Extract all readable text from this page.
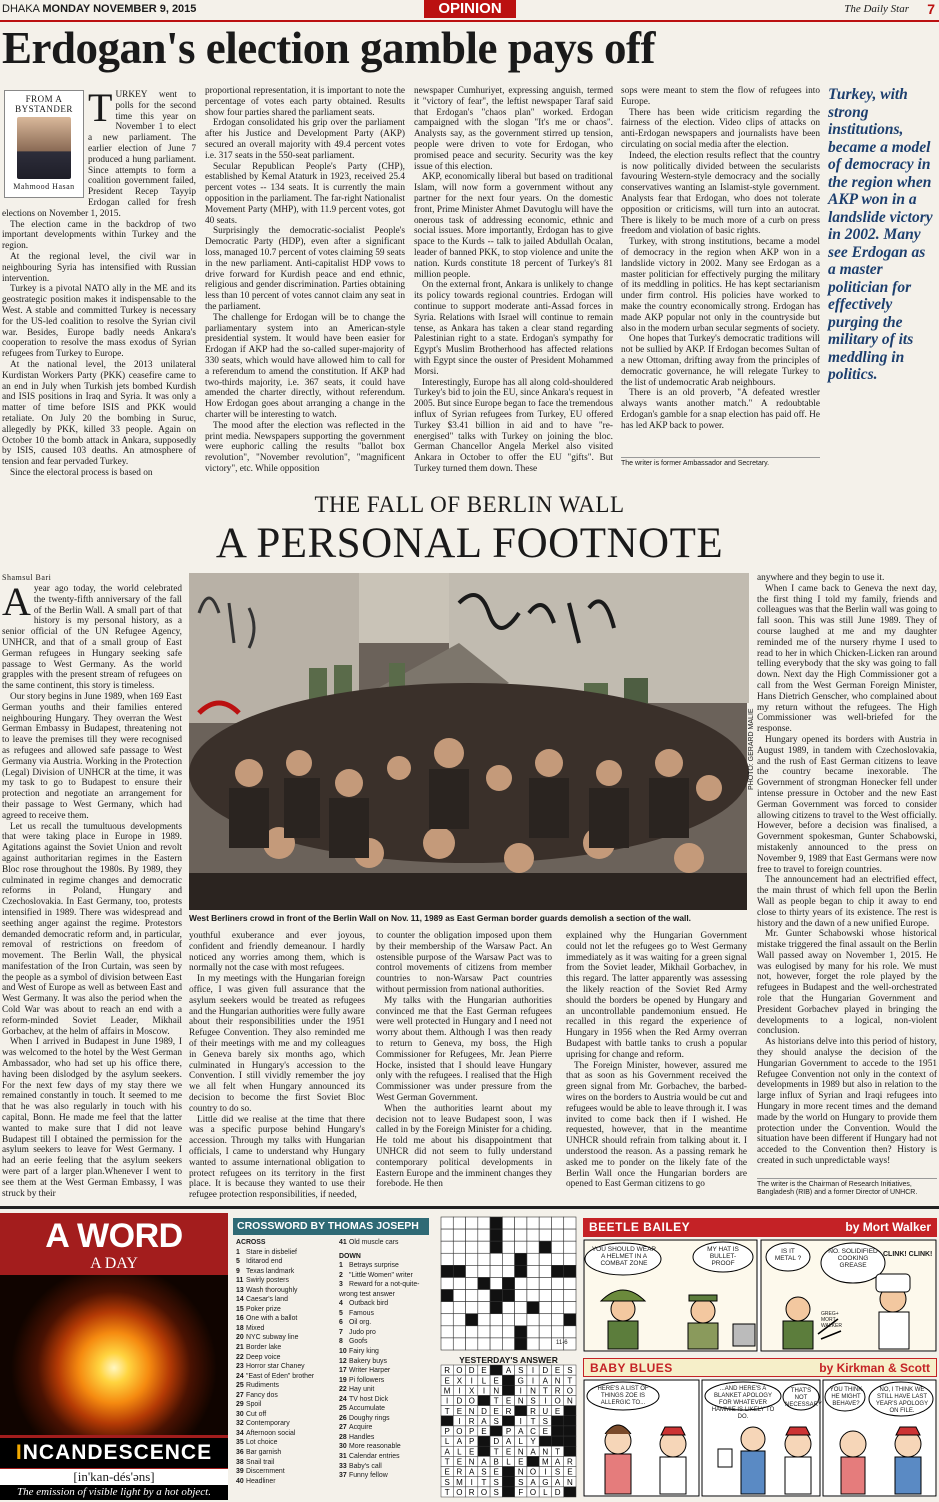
DHAKA MONDAY NOVEMBER 9, 2015	OPINION	The Daily Star 7
Erdogan's election gamble pays off
FROM A BYSTANDER
Mahmood Hasan

TURKEY went to polls for the second time this year on November 1 to elect a new parliament. The earlier election of June 7 produced a hung parliament. Since attempts to form a coalition government failed, President Recep Tayyip Erdogan called for fresh elections on November 1, 2015.

The election came in the backdrop of two important developments within Turkey and the region.

At the regional level, the civil war in neighbouring Syria has intensified with Russian intervention.

Turkey is a pivotal NATO ally in the ME and its geostrategic position makes it indispensable to the West. A stable and committed Turkey is necessary for the US-led coalition to resolve the Syrian civil war. Besides, Europe badly needs Ankara's cooperation to resolve the mass exodus of Syrian refugees from Turkey to Europe.

At the national level, the 2013 unilateral Kurdistan Workers Party (PKK) ceasefire came to an end in July when Turkish jets bombed Kurdish and ISIS positions in Iraq and Syria. It was only a matter of time before ISIS and PKK would retaliate. On July 20 the bombing in Suruc, allegedly by PKK, killed 33 people. Again on October 10 the bomb attack in Ankara, supposedly by ISIS, caused 103 deaths. An atmosphere of tension and fear pervaded Turkey.

Since the electoral process is based on

proportional representation, it is important to note the percentage of votes each party obtained. Results show four parties shared the parliament seats.

Erdogan consolidated his grip over the parliament after his Justice and Development Party (AKP) secured an overall majority with 49.4 percent votes i.e. 317 seats in the 550-seat parliament.

Secular Republican People's Party (CHP), established by Kemal Ataturk in 1923, received 25.4 percent votes -- 134 seats. It is currently the main opposition in the parliament. The far-right Nationalist Movement Party (MHP), with 11.9 percent votes, got 40 seats.

Surprisingly the democratic-socialist People's Democratic Party (HDP), even after a significant loss, managed 10.7 percent of votes claiming 59 seats in the new parliament. Anti-capitalist HDP vows to drive forward for Kurdish peace and end ethnic, religious and gender discrimination. Parties obtaining less than 10 percent of votes cannot claim any seat in the parliament.

The challenge for Erdogan will be to change the parliamentary system into an American-style presidential system. It would have been easier for Erdogan if AKP had the so-called super-majority of 330 seats, which would have allowed him to call for a referendum to amend the constitution. If AKP had two-thirds majority, i.e. 367 seats, it could have amended the charter directly, without referendum. How Erdogan goes about arranging a change in the charter will be interesting to watch.

The mood after the election was reflected in the print media. Newspapers supporting the government were euphoric calling the results "ballot box revolution", "November revolution", "magnificent victory", etc. While opposition

newspaper Cumhuriyet, expressing anguish, termed it "victory of fear", the leftist newspaper Taraf said that Erdogan's "chaos plan" worked. Erdogan campaigned with the slogan "It's me or chaos". Analysts say, as the government stirred up tension, people were driven to vote for Erdogan, who promised peace and security. Security was the key issue of this election.

AKP, economically liberal but based on traditional Islam, will now form a government without any partner for the next four years. On the domestic front, Prime Minister Ahmet Davutoglu will have the onerous task of addressing economic, ethnic and social issues. More importantly, Erdogan has to give space to the Kurds -- talk to jailed Abdullah Ocalan, leader of banned PKK, to stop violence and unite the nation. Kurds constitute 18 percent of Turkey's 81 million people.

On the external front, Ankara is unlikely to change its policy towards regional countries. Erdogan will continue to support moderate anti-Assad forces in Syria. Relations with Israel will continue to remain tense, as Ankara has taken a clear stand regarding Palestinian right to a state. Erdogan's sympathy for Egypt's Muslim Brotherhood has affected relations with Egypt since the ouster of President Mohammed Morsi.

Interestingly, Europe has all along cold-shouldered Turkey's bid to join the EU, since Ankara's request in 2005. But since Europe began to face the tremendous influx of Syrian refugees from Turkey, EU offered Turkey $3.41 billion in aid and to have "re-energised" talks with Turkey on joining the bloc. German Chancellor Angela Merkel also visited Ankara in October to offer the EU "gifts". But Turkey turned them down. These

sops were meant to stem the flow of refugees into Europe.

There has been wide criticism regarding the fairness of the election. Video clips of attacks on anti-Erdogan newspapers and journalists have been circulating on social media after the election.

Indeed, the election results reflect that the country is now politically divided between the secularists favouring Western-style democracy and the socially conservatives wanting an Islamist-style government. Analysts fear that Erdogan, who does not tolerate opposition or criticisms, will turn into an autocrat. There is likely to be much more of a curb on press freedom and violation of basic rights.

Turkey, with strong institutions, became a model of democracy in the region when AKP won in a landslide victory in 2002. Many see Erdogan as a master politician for effectively purging the military of its meddling in politics. He has kept sectarianism under firm control. His policies have worked to make the country economically strong. Erdogan has made AKP popular not only in the countryside but also in the modern urban secular segments of society.

One hopes that Turkey's democratic traditions will not be sullied by AKP. If Erdogan becomes Sultan of a new Ottoman, drifting away from the principles of democratic governance, he will relegate Turkey to the list of undemocratic Arab neighbours.

There is an old proverb, "A defeated wrestler always wants another match." A redoubtable Erdogan's gamble for a snap election has paid off. He has led AKP back to power.

The writer is former Ambassador and Secretary.
Turkey, with strong institutions, became a model of democracy in the region when AKP won in a landslide victory in 2002. Many see Erdogan as a master politician for effectively purging the military of its meddling in politics.
THE FALL OF BERLIN WALL
A PERSONAL FOOTNOTE
Shamsul Bari
PHOTO: GERARD MALIE
West Berliners crowd in front of the Berlin Wall on Nov. 11, 1989 as East German border guards demolish a section of the wall.

A year ago today, the world celebrated the twenty-fifth anniversary of the fall of the Berlin Wall. A small part of that history is my personal history, as a senior official of the UN Refugee Agency, UNHCR, and that of a small group of East German refugees in Hungary seeking safe passage to West Germany. As the world grapples with the present stream of refugees on the same continent, this story is timeless.

Our story begins in June 1989, when 169 East German youths and their families entered neighbouring Hungary. They overran the West German Embassy in Budapest, threatening not to leave the premises till they were recognised as refugees and allowed safe passage to West Germany via Austria. Working in the Protection (Legal) Division of UNHCR at the time, it was my task to go to Budapest to ensure their protection and negotiate an arrangement for their passage to West Germany, which had agreed to receive them.

Let us recall the tumultuous developments that were taking place in Europe in 1989. Agitations against the Soviet Union and revolt against authoritarian regimes in the Eastern Bloc rose throughout the 1980s. By 1989, they culminated in regime changes and democratic reforms in Poland, Hungary and Czechoslovakia. In East Germany, too, protests intensified in 1989. There was widespread and seething anger against the regime. Protestors demanded democratic reform and, in particular, removal of restrictions on freedom of movement. The Berlin Wall, the physical manifestation of the Iron Curtain, was seen by the people as a symbol of division between East and West of Europe as well as between East and West Germany. It was also the period when the Cold War was about to reach an end with a reform-minded Soviet Leader, Mikhail Gorbachev, at the helm of affairs in Moscow.

When I arrived in Budapest in June 1989, I was welcomed to the hotel by the West German Ambassador, who had set up his office there, having been dislodged by the asylum seekers. For the next few days of my stay there we remained constantly in touch. It seemed to me that he was also regularly in touch with his capital, Bonn. He made me feel that the latter wanted to make sure that I did not leave Budapest till I obtained the permission for the asylum seekers to leave for West Germany. I had an eerie feeling that the asylum seekers were part of a larger plan.Whenever I went to see them at the West German Embassy, I was struck by their

youthful exuberance and ever joyous, confident and friendly demeanour. I hardly noticed any worries among them, which is normally not the case with most refugees.

In my meetings with the Hungarian foreign office, I was given full assurance that the asylum seekers would be treated as refugees and the Hungarian authorities were fully aware about their responsibilities under the 1951 Refugee Convention. They also reminded me of their meetings with me and my colleagues in Geneva barely six months ago, which culminated in Hungary's accession to the Convention. I still vividly remember the joy we all felt when Hungary announced its decision to become the first Soviet Bloc country to do so.

Little did we realise at the time that there was a specific purpose behind Hungary's accession. Through my talks with Hungarian officials, I came to understand why Hungary wanted to assume international obligation to protect refugees on its territory in the first place. It is because they wanted to use their refugee protection responsibilities, if needed,

to counter the obligation imposed upon them by their membership of the Warsaw Pact. An ostensible purpose of the Warsaw Pact was to control movements of citizens from member countries to non-Warsaw Pact countries without permission from national authorities.

My talks with the Hungarian authorities convinced me that the East German refugees were well protected in Hungary and I need not worry about them. Although I was then ready to return to Geneva, my boss, the High Commissioner for Refugees, Mr. Jean Pierre Hocke, insisted that I should leave Hungary only with the refugees. I realised that the High Commissioner was under pressure from the West German Government.

When the authorities learnt about my decision not to leave Budapest soon, I was called in by the Foreign Minister for a chiding. He told me about his disappointment that UNHCR did not seem to fully understand contemporary political developments in Eastern Europe and the imminent changes they forebode. He then

explained why the Hungarian Government could not let the refugees go to West Germany immediately as it was waiting for a green signal from the Soviet leader, Mikhail Gorbachev, in this regard. The latter apparently was assessing the likely reaction of the Soviet Red Army should the borders be opened by Hungary and an uncontrollable pandemonium ensued. He recalled in this regard the experience of Hungary in 1956 when the Red Army overran Budapest with battle tanks to crush a popular uprising for change and reform.

The Foreign Minister, however, assured me that as soon as his Government received the green signal from Mr. Gorbachev, the barbed-wires on the borders to Austria would be cut and refugees would be able to leave through it. I was invited to come back then if I wished. He requested, however, that in the meantime UNHCR should refrain from talking about it. I understood the reason. As a passing remark he asked me to ponder on the likely fate of the Berlin Wall once the Hungarian borders are opened to East German citizens to go

anywhere and they begin to use it.

When I came back to Geneva the next day, the first thing I told my family, friends and colleagues was that the Berlin wall was going to fall soon. This was still June 1989. They of course laughed at me and my daughter reminded me of the nursery rhyme I used to read to her in which Chicken-Licken ran around telling everybody that the sky was going to fall down. Next day the High Commissioner got a call from the West German Foreign Minister, Hans Dietrich Genscher, who complained about my return without the refugees. The High Commissioner was well-briefed for the response.

Hungary opened its borders with Austria in August 1989, in tandem with Czechoslovakia, and the rush of East German citizens to leave the country became inexorable. The Government of strongman Honecker fell under intense pressure in October and the new East German Government was forced to consider allowing citizens to travel to the West officially. However, before a decision was finalised, a Government spokesman, Gunter Schabowski, mistakenly announced to the press on November 9, 1989 that East Germans were now free to travel to foreign countries.

The announcement had an electrified effect, the main thrust of which fell upon the Berlin Wall as people began to chip it away to end close to thirty years of its existence. The rest is history and the dawn of a new unified Europe.

Mr. Gunter Schabowski whose historical mistake triggered the final assault on the Berlin Wall passed away on November 1, 2015. He was eulogised by many for his role. We must not, however, forget the role played by the refugees in Budapest and the well-orchestrated role that the Hungarian Government and President Gorbachev played in bringing the developments to a logical, non-violent conclusion.

As historians delve into this period of history, they should analyse the decision of the Hungarian Government to accede to the 1951 Refugee Convention not only in the context of developments in 1989 but also in relation to the large influx of Syrian and Iraqi refugees into Hungary in more recent times and the demand made by the world on Hungary to provide them protection under the Convention. Would the situation have been different if Hungary had not acceded to the Convention then? History is created in such unpredictable ways!

The writer is the Chairman of Research Initiatives, Bangladesh (RIB) and a former Director of UNHCR.
A WORD
A DAY
INCANDESCENCE
[in'kan-dés'əns]
The emission of visible light by a hot object.
CROSSWORD BY THOMAS JOSEPH
ACROSS
1 Stare in disbelief
5 Iditarod end
9 Texas landmark
11 Swirly posters
13 Wash thoroughly
14 Caesar's land
15 Poker prize
16 One with a ballot
18 Mixed
20 NYC subway line
21 Border lake
22 Deep voice
23 Horror star Chaney
24 "East of Eden" brother
25 Rudiments
27 Fancy dos
29 Spoil
30 Cut off
32 Contemporary
34 Afternoon social
35 Lot choice
36 Bar garnish
38 Snail trail
39 Discernment
40 Headliner
41 Old muscle cars
DOWN
1 Betrays surprise
2 "Little Women" writer
3 Reward for a not-quite-wrong test answer
4 Outback bird
5 Famous
6 Oil org.
7 Judo pro
8 Goofs
10 Fairy king
12 Bakery buys
17 Writer Harper
19 Pi followers
22 Hay unit
24 TV host Dick
25 Accumulate
26 Doughy rings
27 Acquire
28 Handles
30 More reasonable
31 Calendar entries
33 Baby's call
37 Funny fellow
11-6
YESTERDAY'S ANSWER
R O D E A S I D E S
E X I L E G I A N T
M I X I N	I N T R O
I D O T E N S I O N
T E N D E R R U E
I R A S	I T S
P O P E P A C E
L A P D A L Y
A L E T E N A N T
T E N A B L E M A R
E R A S E N O I S E
S M I T S S A G A N
T O R O S F O L D
BEETLE BAILEY	by Mort Walker
YOU SHOULD WEAR A HELMET IN A COMBAT ZONE
MY HAT IS BULLET-PROOF
IS IT METAL ?
NO. SOLIDIFIED COOKING GREASE
CLINK! CLINK!
GREG+ MORT WALKER
BABY BLUES	by Kirkman & Scott
HERE'S A LIST OF THINGS ZOE IS ALLERGIC TO...
...AND HERE'S A BLANKET APOLOGY FOR WHATEVER HAMMIE IS LIKELY TO DO.
THAT'S NOT NECESSARY
YOU THINK HE MIGHT BEHAVE?
NO, I THINK WE STILL HAVE LAST YEAR'S APOLOGY ON FILE.
